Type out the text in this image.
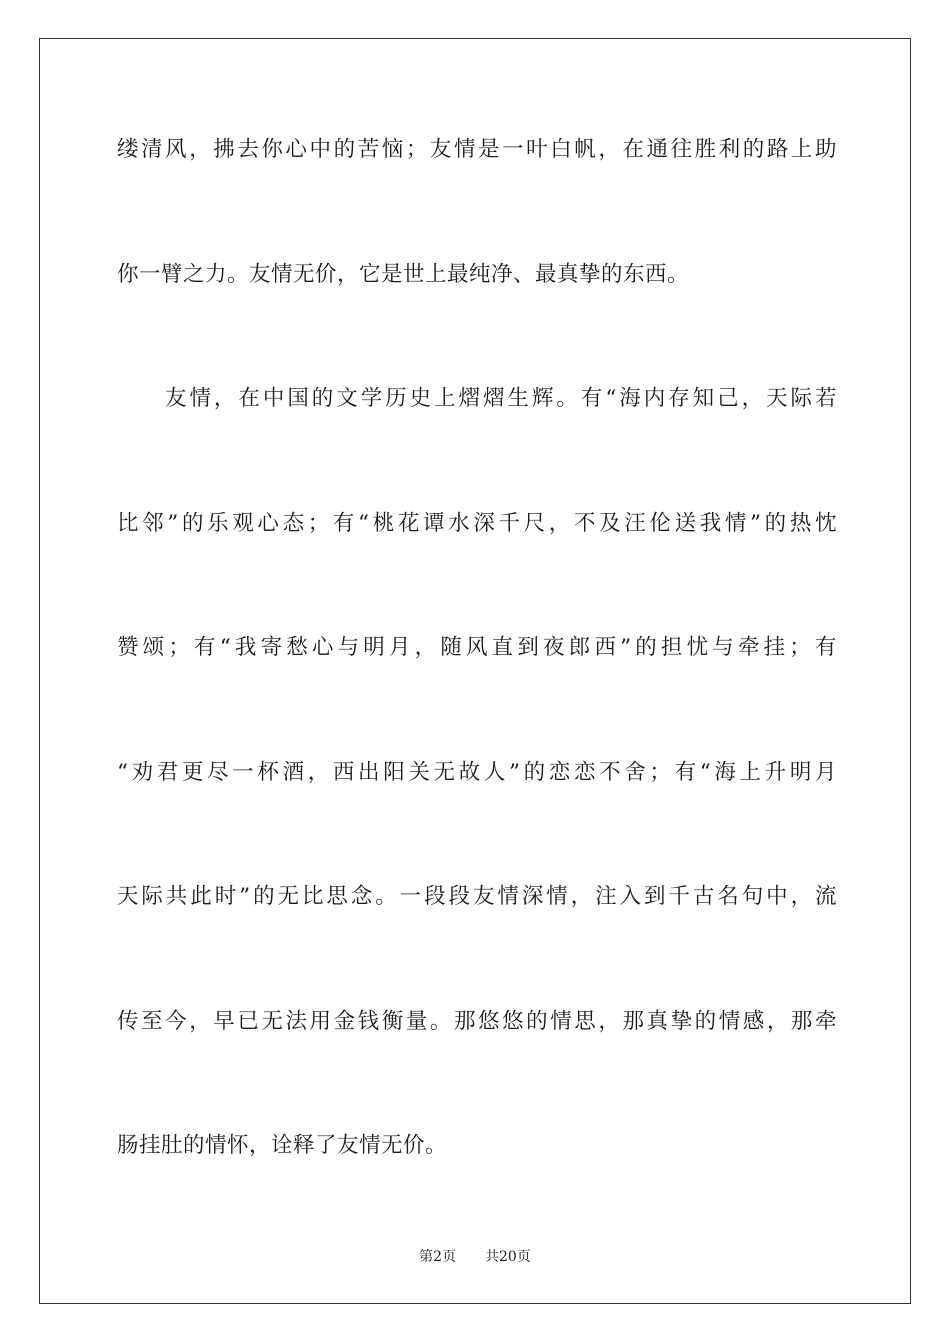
缕清风，拂去你心中的苦恼；友情是一叶白帆，在通往胜利的路上助
你一臂之力。友情无价，它是世上最纯净、最真挚的东西。
友情，在中国的文学历史上熠熠生辉。有“海内存知己，天际若
比邻”的乐观心态；有“桃花谭水深千尺，不及汪伦送我情”的热忱
赞颂；有“我寄愁心与明月，随风直到夜郎西”的担忧与牵挂；有
“劝君更尽一杯酒，西出阳关无故人”的恋恋不舍；有“海上升明月
天际共此时”的无比思念。一段段友情深情，注入到千古名句中，流
传至今，早已无法用金钱衡量。那悠悠的情思，那真挚的情感，那牵
肠挂肚的情怀，诠释了友情无价。
第2页 共20页
